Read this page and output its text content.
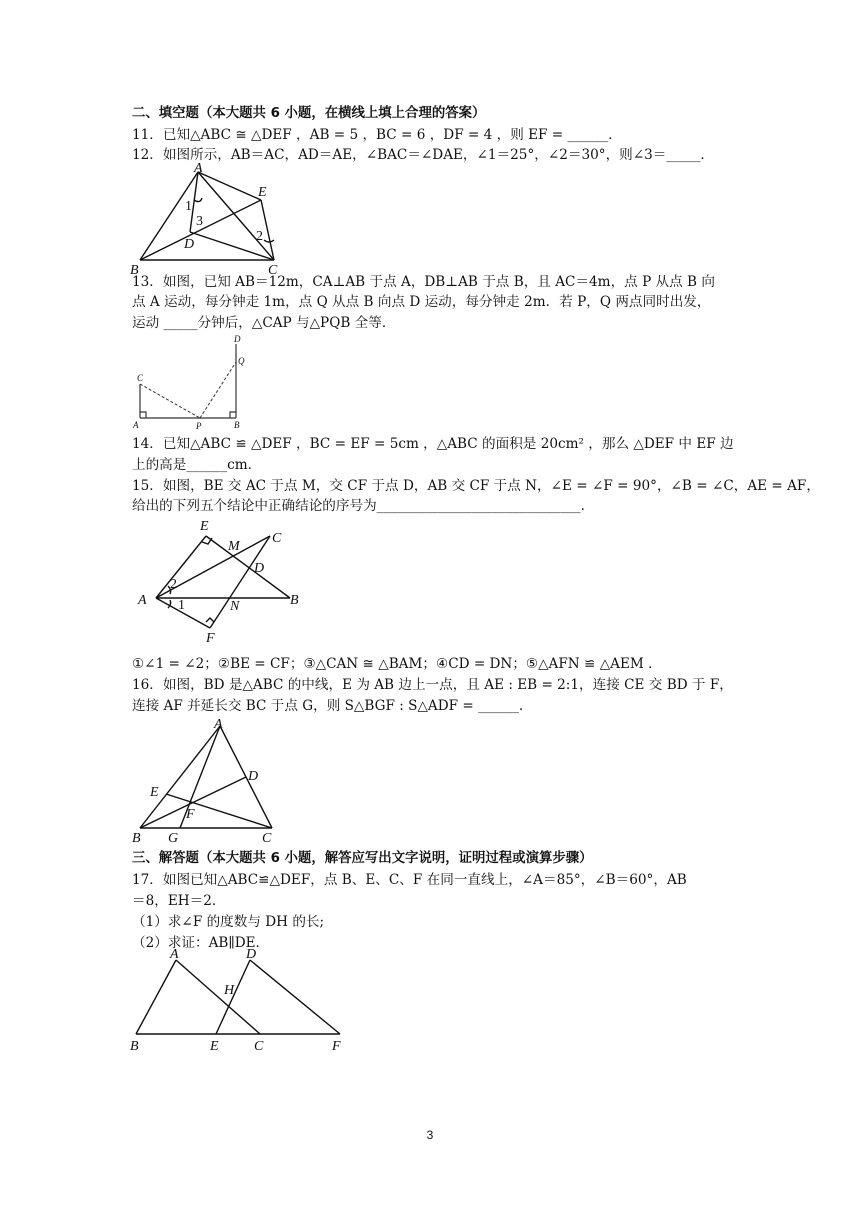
二、填空题（本大题共 6 小题，在横线上填上合理的答案）
11．已知△ABC ≅ △DEF ，AB = 5 ，BC = 6 ，DF = 4 ，则 EF = ______．
12．如图所示，AB＝AC，AD＝AE，∠BAC＝∠DAE，∠1＝25°，∠2＝30°，则∠3＝_____．
A
E
D
B	C
1
3
2
13．如图，已知 AB＝12m，CA⊥AB 于点 A，DB⊥AB 于点 B，且 AC＝4m，点 P 从点 B 向
点 A 运动，每分钟走 1m，点 Q 从点 B 向点 D 运动，每分钟走 2m．若 P，Q 两点同时出发，
运动 _____分钟后，△CAP 与△PQB 全等．
C
D
Q
A	P	B
14．已知△ABC ≌ △DEF ，BC = EF = 5cm ，△ABC 的面积是 20cm² ，那么 △DEF 中 EF 边
上的高是______cm．
15．如图，BE 交 AC 于点 M，交 CF 于点 D，AB 交 CF 于点 N，∠E = ∠F = 90°，∠B = ∠C，AE = AF，
给出的下列五个结论中正确结论的序号为______________________________．
E
M
C
D
A	N	B
F
2
1
①∠1 = ∠2；②BE = CF；③△CAN ≅ △BAM；④CD = DN；⑤△AFN ≌ △AEM ．
16．如图，BD 是△ABC 的中线，E 为 AB 边上一点，且 AE : EB = 2:1，连接 CE 交 BD 于 F，
连接 AF 并延长交 BC 于点 G，则 S△BGF : S△ADF = ______．
A
D
E
F
B G	C
三、解答题（本大题共 6 小题，解答应写出文字说明，证明过程或演算步骤）
17．如图已知△ABC≌△DEF，点 B、E、C、F 在同一直线上，∠A＝85°，∠B＝60°，AB
＝8，EH＝2．
（1）求∠F 的度数与 DH 的长;
（2）求证：AB∥DE．
A	D
H
B	E	C	F
3
